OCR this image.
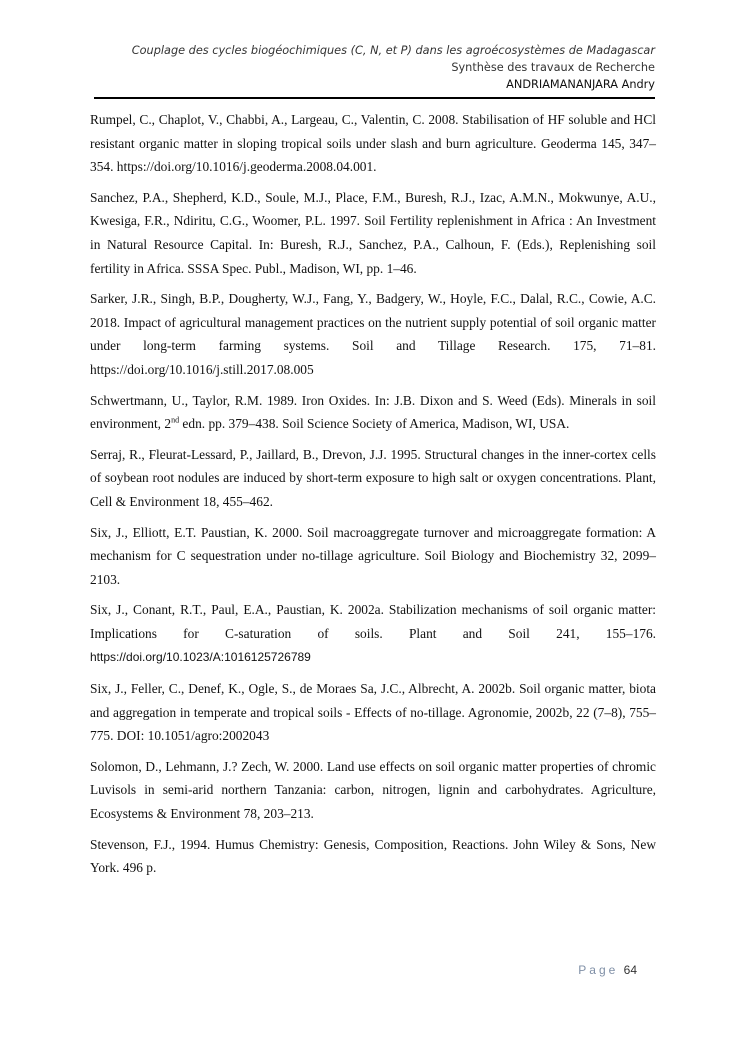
Couplage des cycles biogéochimiques (C, N, et P) dans les agroécosystèmes de Madagascar
Synthèse des travaux de Recherche
ANDRIAMANANJARA Andry

Rumpel, C., Chaplot, V., Chabbi, A., Largeau, C., Valentin, C. 2008. Stabilisation of HF soluble and HCl resistant organic matter in sloping tropical soils under slash and burn agriculture. Geoderma 145, 347–354. https://doi.org/10.1016/j.geoderma.2008.04.001.

Sanchez, P.A., Shepherd, K.D., Soule, M.J., Place, F.M., Buresh, R.J., Izac, A.M.N., Mokwunye, A.U., Kwesiga, F.R., Ndiritu, C.G., Woomer, P.L. 1997. Soil Fertility replenishment in Africa : An Investment in Natural Resource Capital. In: Buresh, R.J., Sanchez, P.A., Calhoun, F. (Eds.), Replenishing soil fertility in Africa. SSSA Spec. Publ., Madison, WI, pp. 1–46.

Sarker, J.R., Singh, B.P., Dougherty, W.J., Fang, Y., Badgery, W., Hoyle, F.C., Dalal, R.C., Cowie, A.C. 2018. Impact of agricultural management practices on the nutrient supply potential of soil organic matter under long-term farming systems. Soil and Tillage Research. 175, 71–81. https://doi.org/10.1016/j.still.2017.08.005

Schwertmann, U., Taylor, R.M. 1989. Iron Oxides. In: J.B. Dixon and S. Weed (Eds). Minerals in soil environment, 2nd edn. pp. 379–438. Soil Science Society of America, Madison, WI, USA.

Serraj, R., Fleurat-Lessard, P., Jaillard, B., Drevon, J.J. 1995. Structural changes in the inner-cortex cells of soybean root nodules are induced by short-term exposure to high salt or oxygen concentrations. Plant, Cell & Environment 18, 455–462.

Six, J., Elliott, E.T. Paustian, K. 2000. Soil macroaggregate turnover and microaggregate formation: A mechanism for C sequestration under no-tillage agriculture. Soil Biology and Biochemistry 32, 2099–2103.

Six, J., Conant, R.T., Paul, E.A., Paustian, K. 2002a. Stabilization mechanisms of soil organic matter: Implications for C-saturation of soils. Plant and Soil 241, 155–176. https://doi.org/10.1023/A:1016125726789

Six, J., Feller, C., Denef, K., Ogle, S., de Moraes Sa, J.C., Albrecht, A. 2002b. Soil organic matter, biota and aggregation in temperate and tropical soils - Effects of no-tillage. Agronomie, 2002b, 22 (7–8), 755–775. DOI: 10.1051/agro:2002043

Solomon, D., Lehmann, J.? Zech, W. 2000. Land use effects on soil organic matter properties of chromic Luvisols in semi-arid northern Tanzania: carbon, nitrogen, lignin and carbohydrates. Agriculture, Ecosystems & Environment 78, 203–213.

Stevenson, F.J., 1994. Humus Chemistry: Genesis, Composition, Reactions. John Wiley & Sons, New York. 496 p.

Page 64
